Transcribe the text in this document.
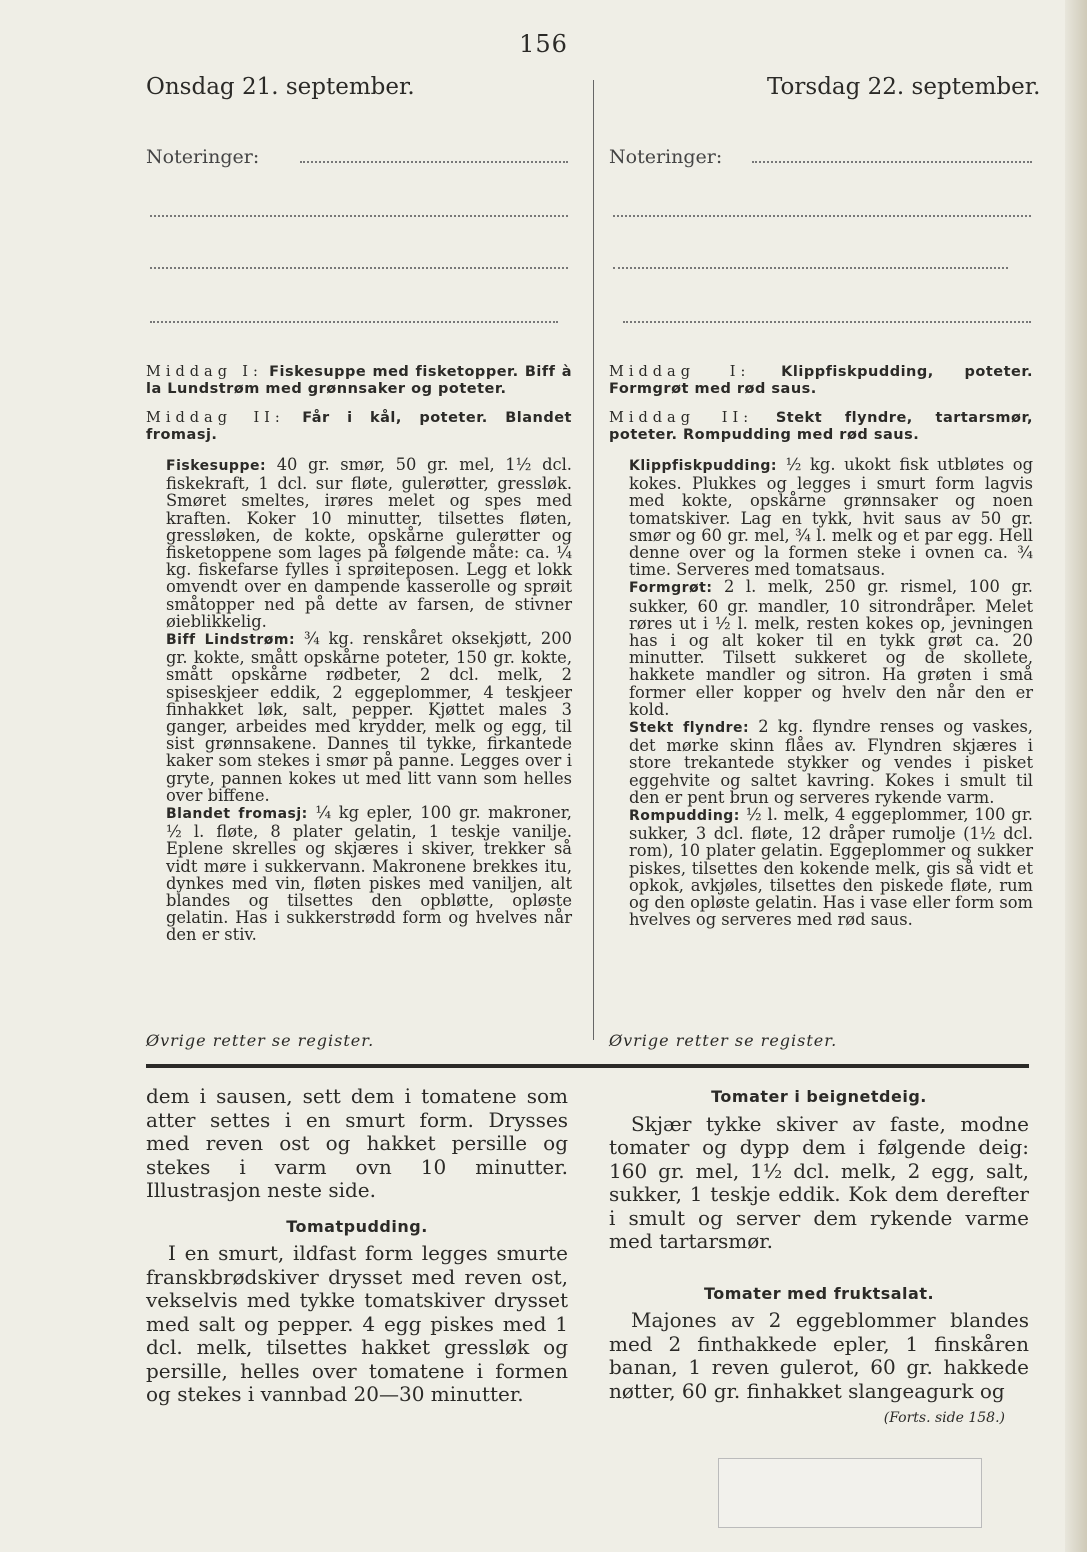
156
Onsdag 21. september.	Torsdag 22. september.
Noteringer:	Noteringer:

Middag I: Fiskesuppe med fisketopper. Biff à la Lundstrøm med grønnsaker og poteter.

Middag II: Får i kål, poteter. Blandet fromasj.

Fiskesuppe: 40 gr. smør, 50 gr. mel, 1½ dcl. fiskekraft, 1 dcl. sur fløte, gulerøtter, gressløk. Smøret smeltes, irøres melet og spes med kraften. Koker 10 minutter, tilsettes fløten, gressløken, de kokte, opskårne gulerøtter og fisketoppene som lages på følgende måte: ca. ¼ kg. fiskefarse fylles i sprøiteposen. Legg et lokk omvendt over en dampende kasserolle og sprøit småtopper ned på dette av farsen, de stivner øieblikkelig.

Biff Lindstrøm: ¾ kg. renskåret oksekjøtt, 200 gr. kokte, smått opskårne poteter, 150 gr. kokte, smått opskårne rødbeter, 2 dcl. melk, 2 spiseskjeer eddik, 2 eggeplommer, 4 teskjeer finhakket løk, salt, pepper. Kjøttet males 3 ganger, arbeides med krydder, melk og egg, til sist grønnsakene. Dannes til tykke, firkantede kaker som stekes i smør på panne. Legges over i gryte, pannen kokes ut med litt vann som helles over biffene.

Blandet fromasj: ¼ kg epler, 100 gr. makroner, ½ l. fløte, 8 plater gelatin, 1 teskje vanilje. Eplene skrelles og skjæres i skiver, trekker så vidt møre i sukkervann. Makronene brekkes itu, dynkes med vin, fløten piskes med vaniljen, alt blandes og tilsettes den opbløtte, opløste gelatin. Has i sukkerstrødd form og hvelves når den er stiv.

Middag I: Klippfiskpudding, poteter. Formgrøt med rød saus.

Middag II: Stekt flyndre, tartarsmør, poteter. Rompudding med rød saus.

Klippfiskpudding: ½ kg. ukokt fisk utbløtes og kokes. Plukkes og legges i smurt form lagvis med kokte, opskårne grønnsaker og noen tomatskiver. Lag en tykk, hvit saus av 50 gr. smør og 60 gr. mel, ¾ l. melk og et par egg. Hell denne over og la formen steke i ovnen ca. ¾ time. Serveres med tomatsaus.

Formgrøt: 2 l. melk, 250 gr. rismel, 100 gr. sukker, 60 gr. mandler, 10 sitrondråper. Melet røres ut i ½ l. melk, resten kokes op, jevningen has i og alt koker til en tykk grøt ca. 20 minutter. Tilsett sukkeret og de skollete, hakkete mandler og sitron. Ha grøten i små former eller kopper og hvelv den når den er kold.

Stekt flyndre: 2 kg. flyndre renses og vaskes, det mørke skinn flåes av. Flyndren skjæres i store trekantede stykker og vendes i pisket eggehvite og saltet kavring. Kokes i smult til den er pent brun og serveres rykende varm.

Rompudding: ½ l. melk, 4 eggeplommer, 100 gr. sukker, 3 dcl. fløte, 12 dråper rumolje (1½ dcl. rom), 10 plater gelatin. Eggeplommer og sukker piskes, tilsettes den kokende melk, gis så vidt et opkok, avkjøles, tilsettes den piskede fløte, rum og den opløste gelatin. Has i vase eller form som hvelves og serveres med rød saus.

Øvrige retter se register.	Øvrige retter se register.

dem i sausen, sett dem i tomatene som atter settes i en smurt form. Drysses med reven ost og hakket persille og stekes i varm ovn 10 minutter. Illustrasjon neste side.

Tomatpudding.

I en smurt, ildfast form legges smurte franskbrødskiver drysset med reven ost, vekselvis med tykke tomatskiver drysset med salt og pepper. 4 egg piskes med 1 dcl. melk, tilsettes hakket gressløk og persille, helles over tomatene i formen og stekes i vannbad 20—30 minutter.

Tomater i beignetdeig.

Skjær tykke skiver av faste, modne tomater og dypp dem i følgende deig: 160 gr. mel, 1½ dcl. melk, 2 egg, salt, sukker, 1 teskje eddik. Kok dem derefter i smult og server dem rykende varme med tartarsmør.

Tomater med fruktsalat.

Majones av 2 eggeblommer blandes med 2 finthakkede epler, 1 finskåren banan, 1 reven gulerot, 60 gr. hakkede nøtter, 60 gr. finhakket slangeagurk og

(Forts. side 158.)
